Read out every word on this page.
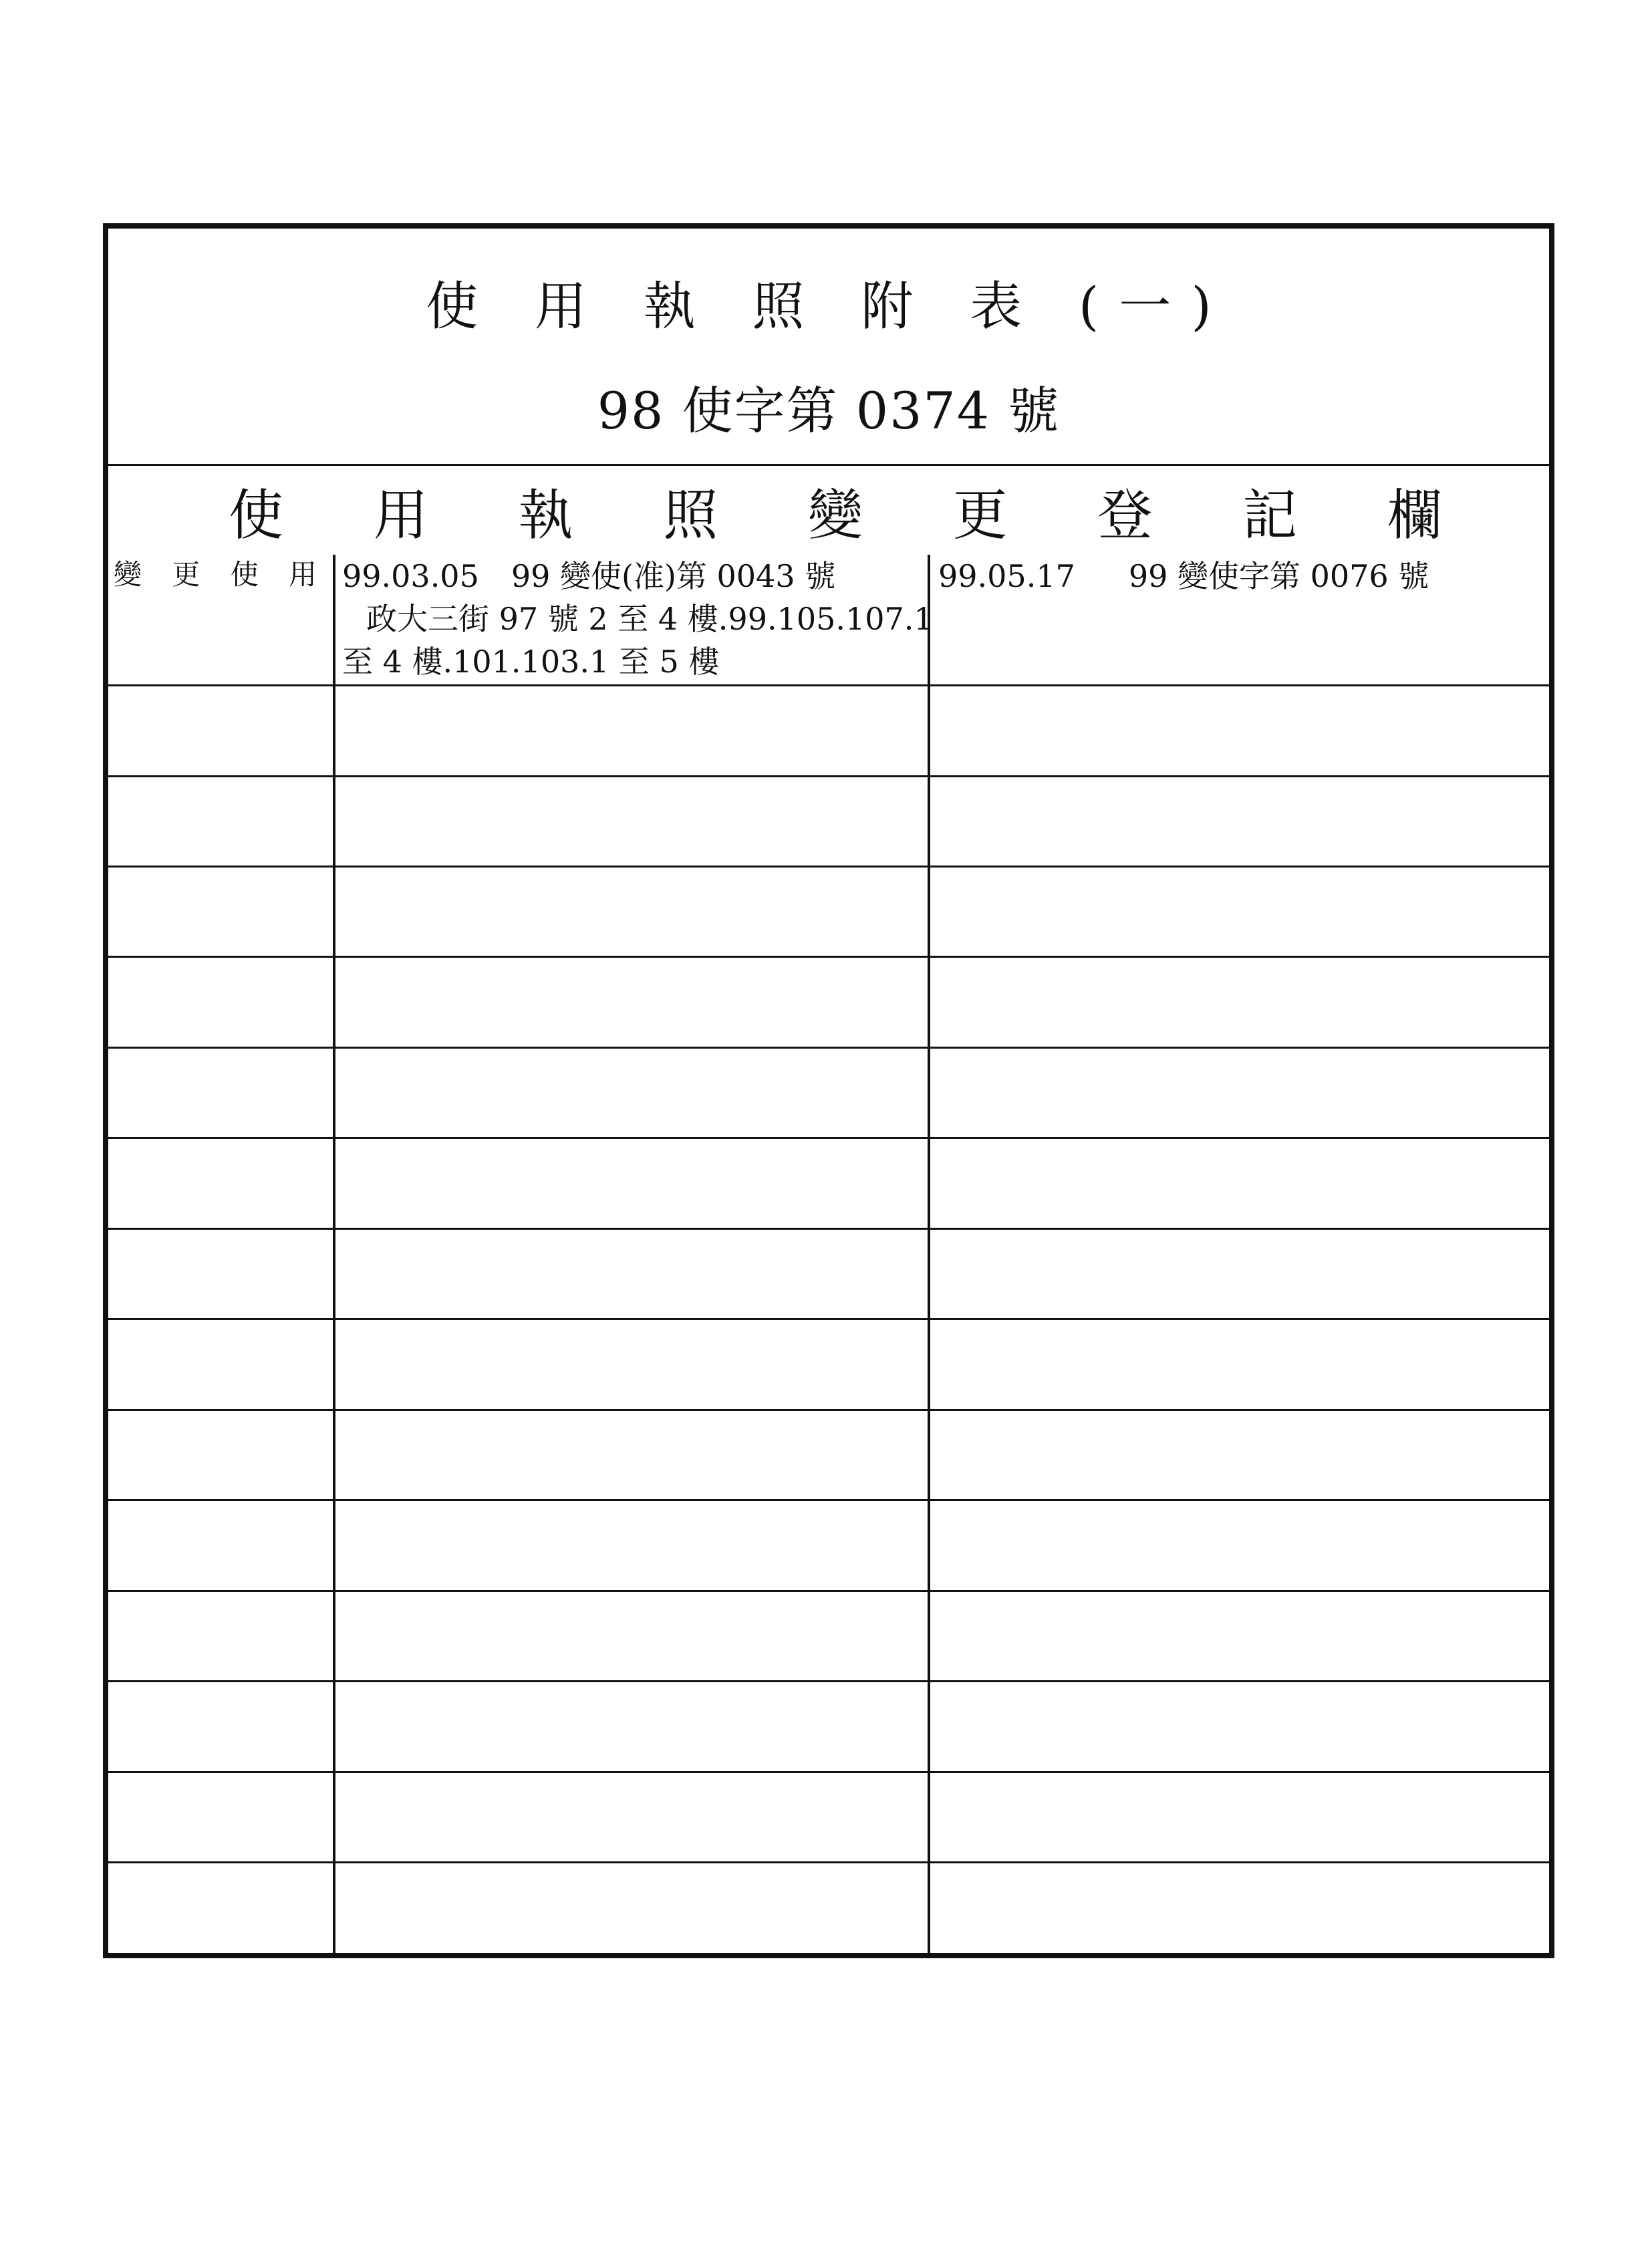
使 用 執 照 附 表 (一)
98 使字第 0374 號
使 用 執 照 變 更 登 記 欄
變 更 使 用	99.03.05 99 變使(准)第 0043 號
政大三街 97 號 2 至 4 樓.99.105.107.1
至 4 樓.101.103.1 至 5 樓	99.05.17 99 變使字第 0076 號
